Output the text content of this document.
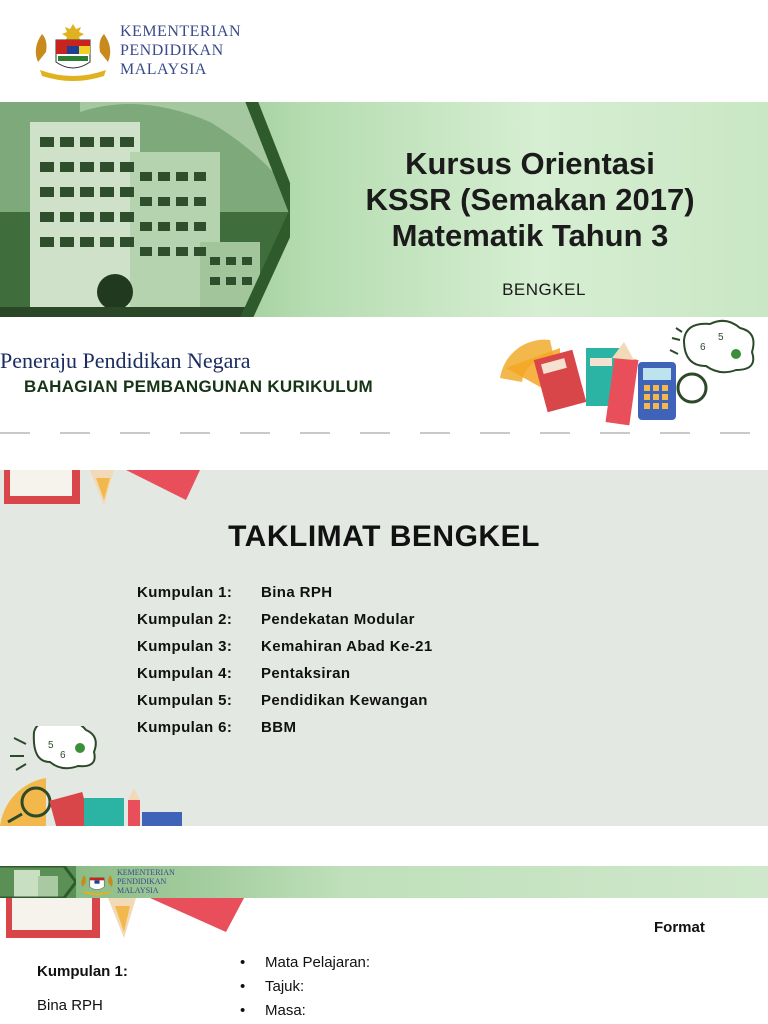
KEMENTERIAN
PENDIDIKAN
MALAYSIA
Kursus Orientasi
KSSR (Semakan 2017)
Matematik Tahun 3
BENGKEL
Peneraju Pendidikan Negara
BAHAGIAN PEMBANGUNAN KURIKULUM
6
5
TAKLIMAT BENGKEL
Kumpulan 1:	Bina RPH
Kumpulan 2:	Pendekatan Modular
Kumpulan 3:	Kemahiran Abad Ke-21
Kumpulan 4:	Pentaksiran
Kumpulan 5:	Pendidikan Kewangan
Kumpulan 6:	BBM
5
6
KEMENTERIAN
PENDIDIKAN
MALAYSIA
Format
Kumpulan 1:
Bina RPH
•	Mata Pelajaran:
•	Tajuk:
•	Masa:
